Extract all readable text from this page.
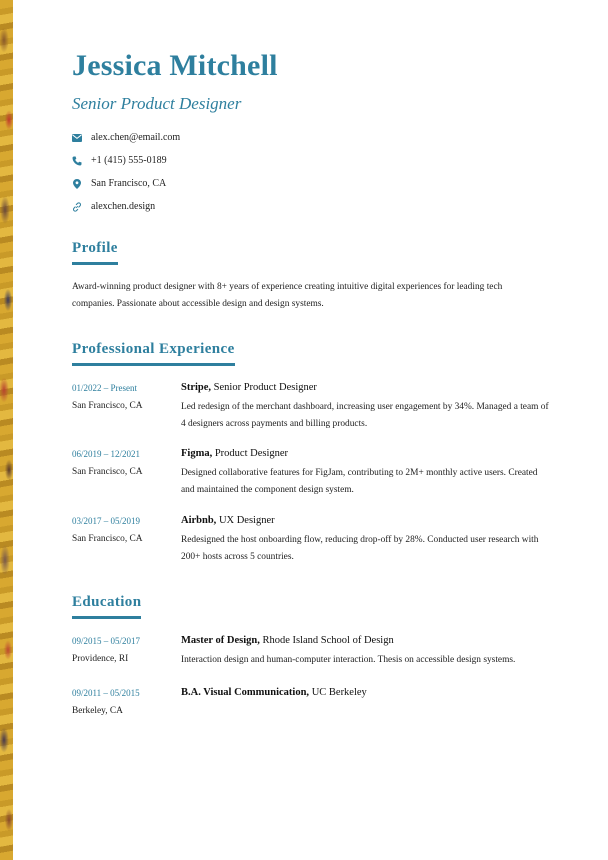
Jessica Mitchell
Senior Product Designer
alex.chen@email.com
+1 (415) 555-0189
San Francisco, CA
alexchen.design
Profile
Award-winning product designer with 8+ years of experience creating intuitive digital experiences for leading tech companies. Passionate about accessible design and design systems.
Professional Experience
01/2022 – Present
San Francisco, CA
Stripe, Senior Product Designer
Led redesign of the merchant dashboard, increasing user engagement by 34%. Managed a team of 4 designers across payments and billing products.
06/2019 – 12/2021
San Francisco, CA
Figma, Product Designer
Designed collaborative features for FigJam, contributing to 2M+ monthly active users. Created and maintained the component design system.
03/2017 – 05/2019
San Francisco, CA
Airbnb, UX Designer
Redesigned the host onboarding flow, reducing drop-off by 28%. Conducted user research with 200+ hosts across 5 countries.
Education
09/2015 – 05/2017
Providence, RI
Master of Design, Rhode Island School of Design
Interaction design and human-computer interaction. Thesis on accessible design systems.
09/2011 – 05/2015
Berkeley, CA
B.A. Visual Communication, UC Berkeley
